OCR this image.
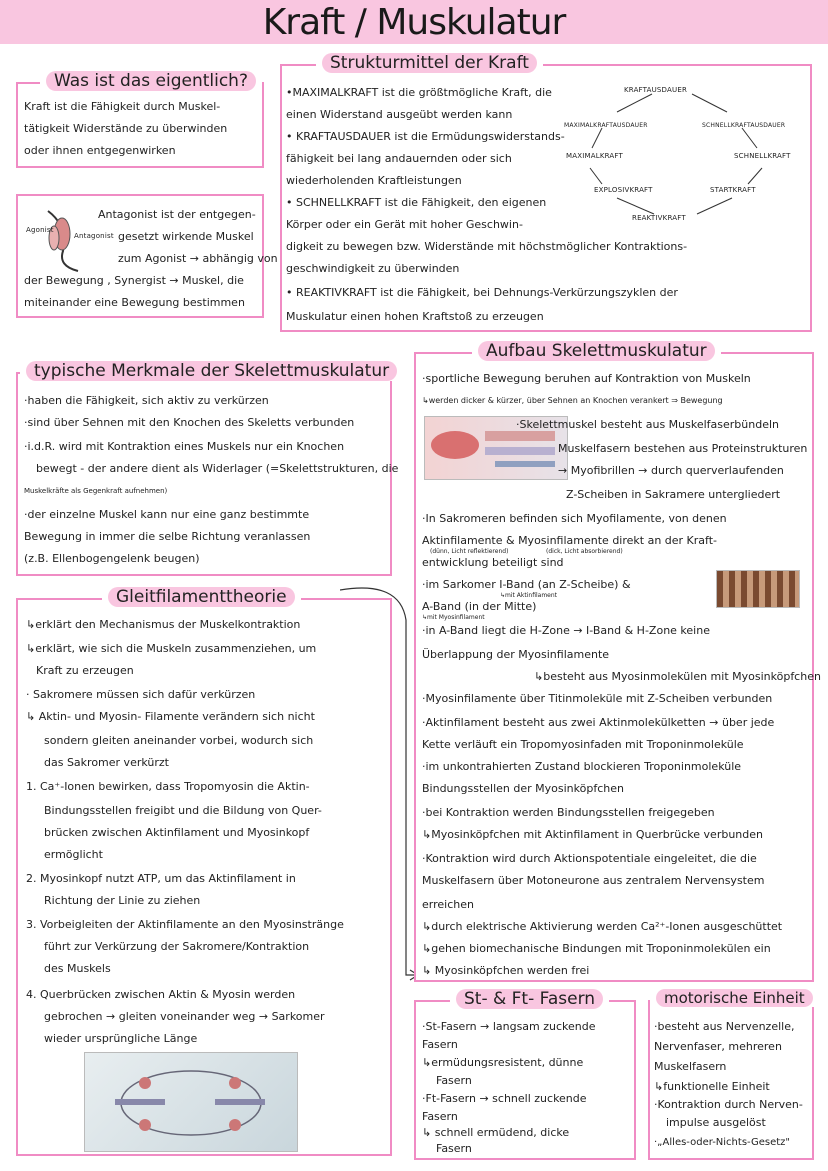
Kraft / Muskulatur
Was ist das eigentlich?
Kraft ist die Fähigkeit durch Muskel-
tätigkeit Widerstände zu überwinden
oder ihnen entgegenwirken
Agonist
Antagonist
Antagonist ist der entgegen-
gesetzt wirkende Muskel
zum Agonist → abhängig von
der Bewegung , Synergist → Muskel, die
miteinander eine Bewegung bestimmen
Strukturmittel der Kraft
•MAXIMALKRAFT ist die größtmögliche Kraft, die
einen Widerstand ausgeübt werden kann
• KRAFTAUSDAUER ist die Ermüdungswiderstands-
fähigkeit bei lang andauernden oder sich
wiederholenden Kraftleistungen
• SCHNELLKRAFT ist die Fähigkeit, den eigenen
Körper oder ein Gerät mit hoher Geschwin-
digkeit zu bewegen bzw. Widerstände mit höchstmöglicher Kontraktions-
geschwindigkeit zu überwinden
• REAKTIVKRAFT ist die Fähigkeit, bei Dehnungs-Verkürzungszyklen der
Muskulatur einen hohen Kraftstoß zu erzeugen
KRAFTAUSDAUER
MAXIMALKRAFTAUSDAUER	SCHNELLKRAFTAUSDAUER
MAXIMALKRAFT	SCHNELLKRAFT
EXPLOSIVKRAFT	STARTKRAFT
REAKTIVKRAFT
typische Merkmale der Skelettmuskulatur
·haben die Fähigkeit, sich aktiv zu verkürzen
·sind über Sehnen mit den Knochen des Skeletts verbunden
·i.d.R. wird mit Kontraktion eines Muskels nur ein Knochen
bewegt - der andere dient als Widerlager (=Skelettstrukturen, die
Muskelkräfte als Gegenkraft aufnehmen)
·der einzelne Muskel kann nur eine ganz bestimmte
Bewegung in immer die selbe Richtung veranlassen
(z.B. Ellenbogengelenk beugen)
Gleitfilamenttheorie
↳erklärt den Mechanismus der Muskelkontraktion
↳erklärt, wie sich die Muskeln zusammenziehen, um
Kraft zu erzeugen
· Sakromere müssen sich dafür verkürzen
↳ Aktin- und Myosin- Filamente verändern sich nicht
sondern gleiten aneinander vorbei, wodurch sich
das Sakromer verkürzt
1. Ca⁺-Ionen bewirken, dass Tropomyosin die Aktin-
Bindungsstellen freigibt und die Bildung von Quer-
brücken zwischen Aktinfilament und Myosinkopf
ermöglicht
2. Myosinkopf nutzt ATP, um das Aktinfilament in
Richtung der Linie zu ziehen
3. Vorbeigleiten der Aktinfilamente an den Myosinstränge
führt zur Verkürzung der Sakromere/Kontraktion
des Muskels
4. Querbrücken zwischen Aktin & Myosin werden
gebrochen → gleiten voneinander weg → Sarkomer
wieder ursprüngliche Länge
Aufbau Skelettmuskulatur
·sportliche Bewegung beruhen auf Kontraktion von Muskeln
↳werden dicker & kürzer, über Sehnen an Knochen verankert ⇒ Bewegung
·Skelettmuskel besteht aus Muskelfaserbündeln
Muskelfasern bestehen aus Proteinstrukturen
→ Myofibrillen → durch querverlaufenden
Z-Scheiben in Sakramere untergliedert
·In Sakromeren befinden sich Myofilamente, von denen
Aktinfilamente & Myosinfilamente direkt an der Kraft-
(dünn, Licht reflektierend)	(dick, Licht absorbierend)
entwicklung beteiligt sind
·im Sarkomer I-Band (an Z-Scheibe) &
↳mit Aktinfilament
A-Band (in der Mitte)
↳mit Myosinfilament
·in A-Band liegt die H-Zone → I-Band & H-Zone keine
Überlappung der Myosinfilamente
↳besteht aus Myosinmolekülen mit Myosinköpfchen
·Myosinfilamente über Titinmoleküle mit Z-Scheiben verbunden
·Aktinfilament besteht aus zwei Aktinmolekülketten → über jede
Kette verläuft ein Tropomyosinfaden mit Troponinmoleküle
·im unkontrahierten Zustand blockieren Troponinmoleküle
Bindungsstellen der Myosinköpfchen
·bei Kontraktion werden Bindungsstellen freigegeben
↳Myosinköpfchen mit Aktinfilament in Querbrücke verbunden
·Kontraktion wird durch Aktionspotentiale eingeleitet, die die
Muskelfasern über Motoneurone aus zentralem Nervensystem
erreichen
↳durch elektrische Aktivierung werden Ca²⁺-Ionen ausgeschüttet
↳gehen biomechanische Bindungen mit Troponinmolekülen ein
↳ Myosinköpfchen werden frei
St- & Ft- Fasern
·St-Fasern → langsam zuckende
Fasern
↳ermüdungsresistent, dünne
Fasern
·Ft-Fasern → schnell zuckende
Fasern
↳ schnell ermüdend, dicke
Fasern
motorische Einheit
·besteht aus Nervenzelle,
Nervenfaser, mehreren
Muskelfasern
↳funktionelle Einheit
·Kontraktion durch Nerven-
impulse ausgelöst
·„Alles-oder-Nichts-Gesetz"
